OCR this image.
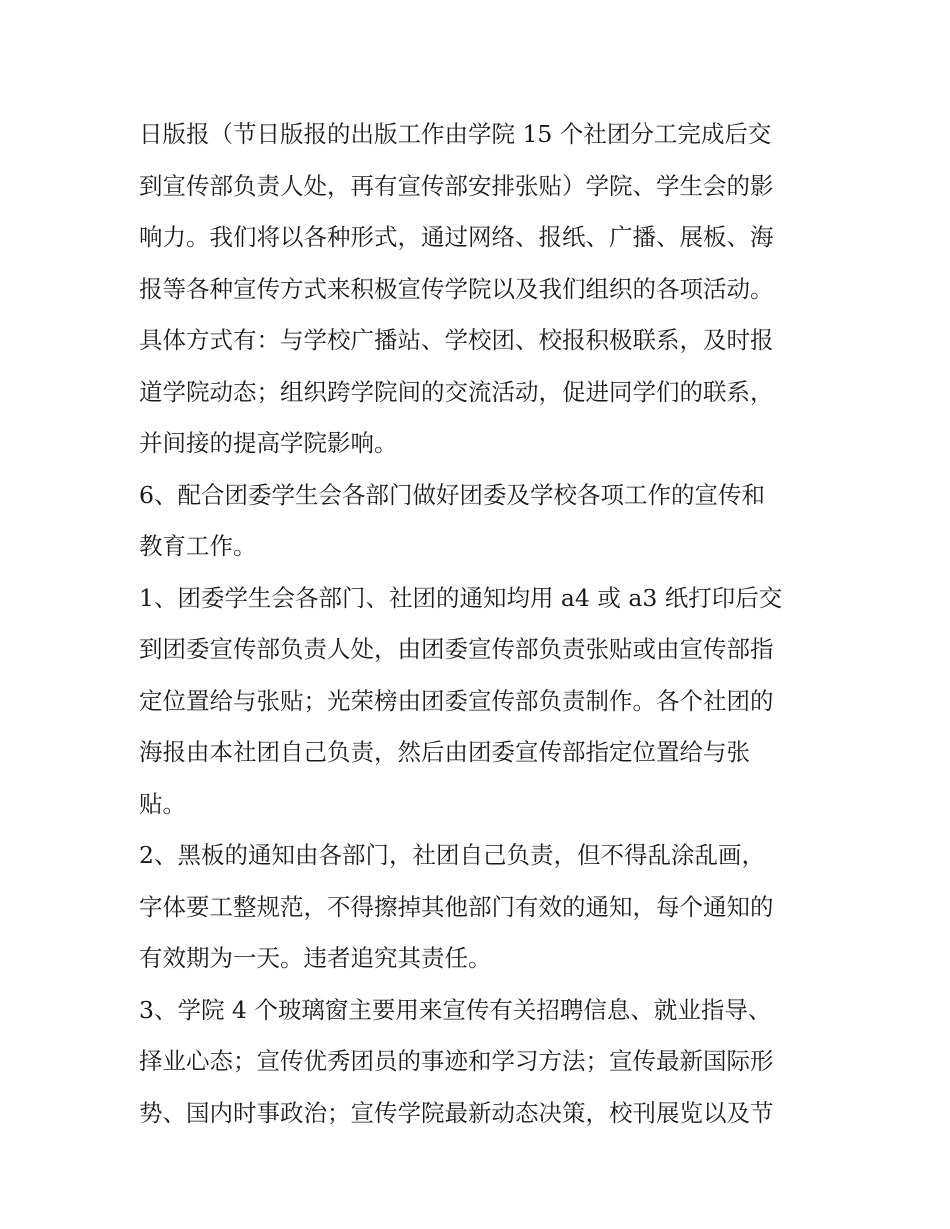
日版报（节日版报的出版工作由学院 15 个社团分工完成后交
到宣传部负责人处，再有宣传部安排张贴）学院、学生会的影
响力。我们将以各种形式，通过网络、报纸、广播、展板、海
报等各种宣传方式来积极宣传学院以及我们组织的各项活动。
具体方式有：与学校广播站、学校团、校报积极联系，及时报
道学院动态；组织跨学院间的交流活动，促进同学们的联系，
并间接的提高学院影响。
6、配合团委学生会各部门做好团委及学校各项工作的宣传和
教育工作。
1、团委学生会各部门、社团的通知均用 a4 或 a3 纸打印后交
到团委宣传部负责人处，由团委宣传部负责张贴或由宣传部指
定位置给与张贴；光荣榜由团委宣传部负责制作。各个社团的
海报由本社团自己负责，然后由团委宣传部指定位置给与张
贴。
2、黑板的通知由各部门，社团自己负责，但不得乱涂乱画，
字体要工整规范，不得擦掉其他部门有效的通知，每个通知的
有效期为一天。违者追究其责任。
3、学院 4 个玻璃窗主要用来宣传有关招聘信息、就业指导、
择业心态；宣传优秀团员的事迹和学习方法；宣传最新国际形
势、国内时事政治；宣传学院最新动态决策，校刊展览以及节
